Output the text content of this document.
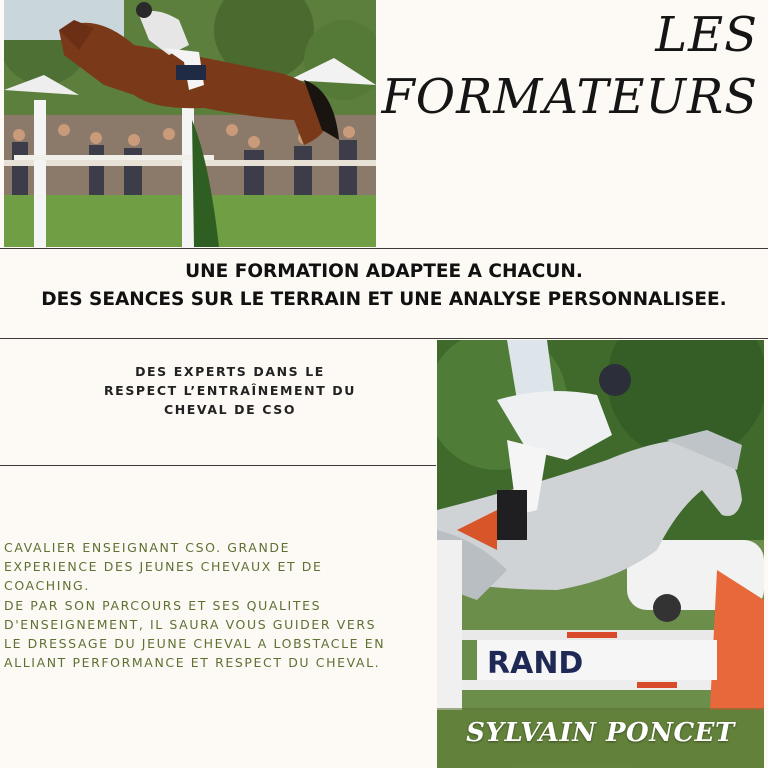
LES
FORMATEURS
UNE FORMATION ADAPTEE A CHACUN.
DES SEANCES SUR LE TERRAIN ET UNE ANALYSE PERSONNALISEE.
DES EXPERTS DANS LE
RESPECT L’ENTRAÎNEMENT DU
CHEVAL DE CSO
CAVALIER ENSEIGNANT CSO. GRANDE
EXPERIENCE DES JEUNES CHEVAUX ET DE
COACHING.
DE PAR SON PARCOURS ET SES QUALITES
D'ENSEIGNEMENT, IL SAURA VOUS GUIDER VERS
LE DRESSAGE DU JEUNE CHEVAL A LOBSTACLE EN
ALLIANT PERFORMANCE ET RESPECT DU CHEVAL.	RAND
SYLVAIN PONCET
